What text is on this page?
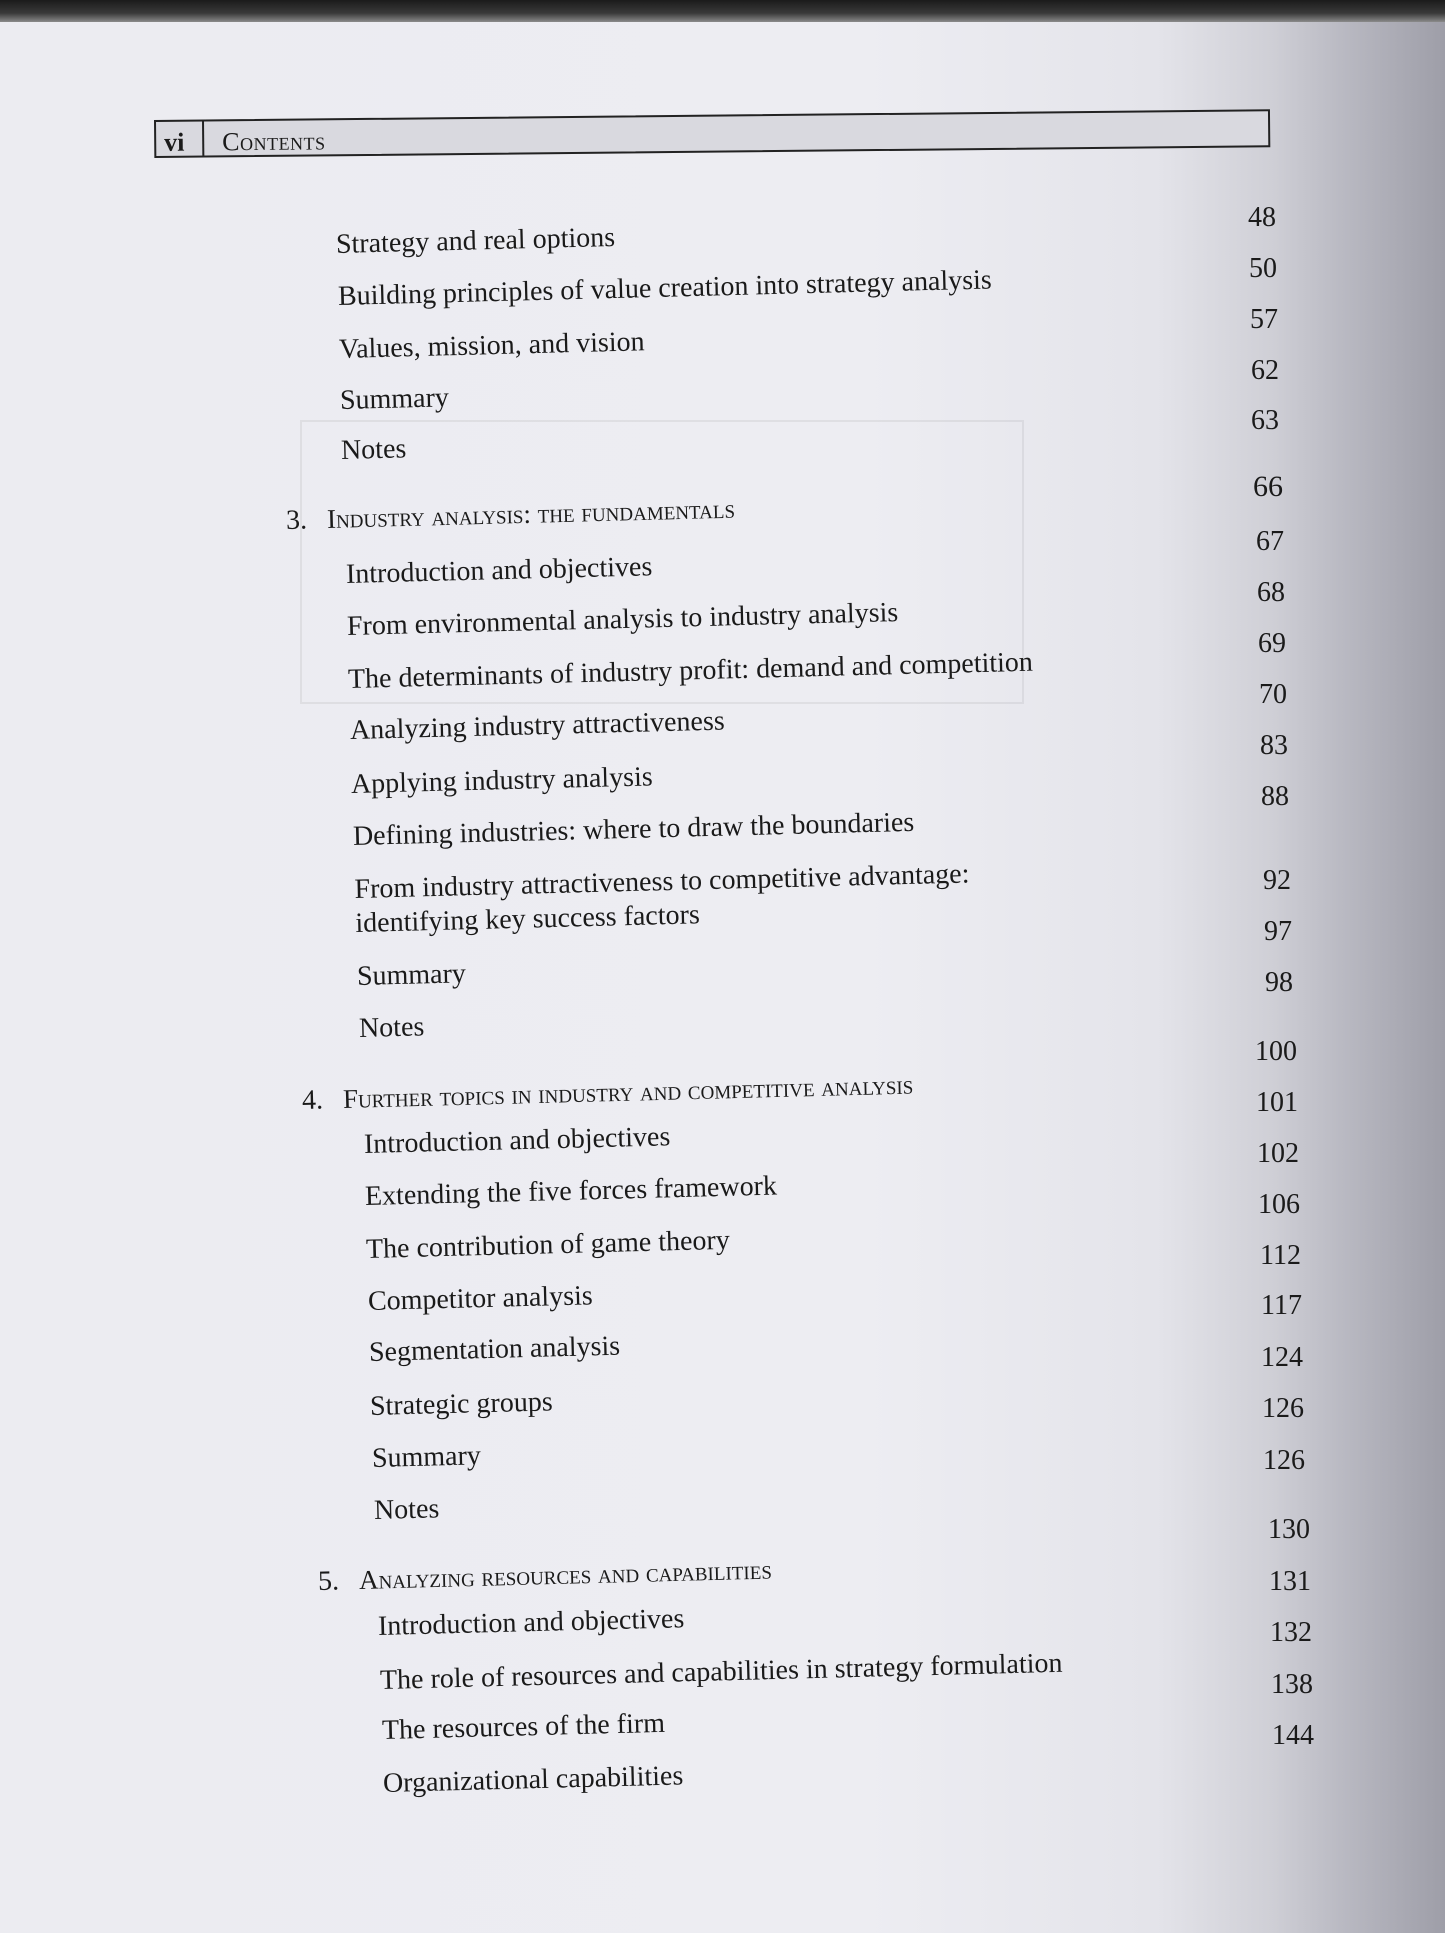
vi Contents
Strategy and real options
48
Building principles of value creation into strategy analysis	50
Values, mission, and vision
57
Summary
62
Notes
63
3. Industry analysis: the fundamentals
66
Introduction and objectives
67
From environmental analysis to industry analysis
68
The determinants of industry profit: demand and competition
69
Analyzing industry attractiveness
70
Applying industry analysis
83
Defining industries: where to draw the boundaries
88
From industry attractiveness to competitive advantage: identifying key success factors
92
Summary
97
Notes
98
4. Further topics in industry and competitive analysis
100
Introduction and objectives
101
Extending the five forces framework
102
The contribution of game theory
106
Competitor analysis
112
Segmentation analysis
117
Strategic groups
124
Summary
126
Notes
126
5. Analyzing resources and capabilities
130
Introduction and objectives
131
The role of resources and capabilities in strategy formulation
132
The resources of the firm
138
Organizational capabilities
144
